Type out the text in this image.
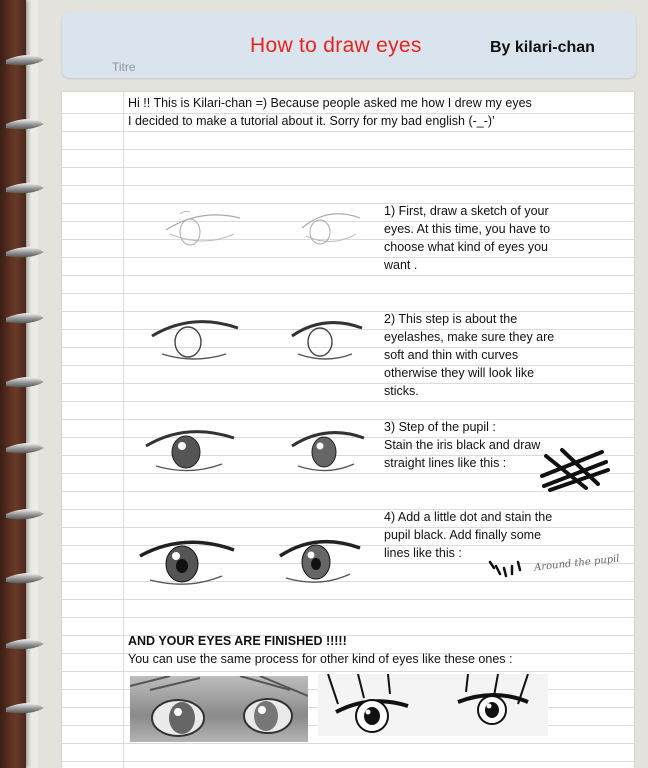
How to draw eyes	By kilari-chan
Titre
Hi !! This is Kilari-chan =) Because people asked me how I drew my eyes
I decided to make a tutorial about it. Sorry for my bad english (-_-)’
1) First, draw a sketch of your
eyes. At this time, you have to
choose what kind of eyes you
want .
2) This step is about the
eyelashes, make sure they are
soft and thin with curves
otherwise they will look like
sticks.
3) Step of the pupil :
Stain the iris black and draw
straight lines like this :
4) Add a little dot and stain the
pupil black. Add finally some
lines like this :
Around the pupil
AND YOUR EYES ARE FINISHED !!!!!
You can use the same process for other kind of eyes like these ones :
